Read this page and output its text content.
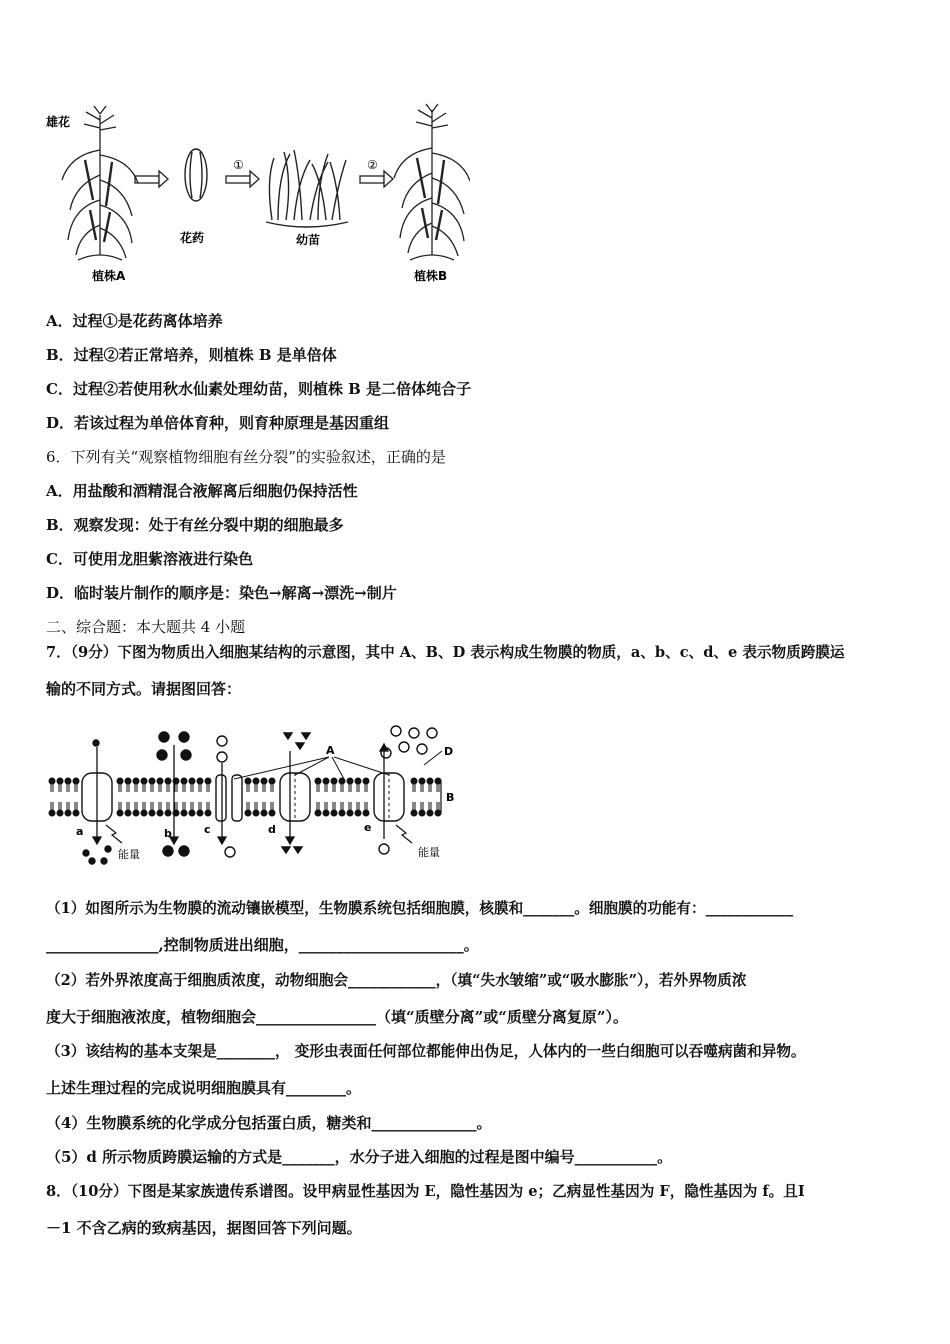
雄花
植株A
花药
①
幼苗
②
植株B
A．过程①是花药离体培养
B．过程②若正常培养，则植株 B 是单倍体
C．过程②若使用秋水仙素处理幼苗，则植株 B 是二倍体纯合子
D．若该过程为单倍体育种，则育种原理是基因重组
6．下列有关“观察植物细胞有丝分裂”的实验叙述，正确的是
A．用盐酸和酒精混合液解离后细胞仍保持活性
B．观察发现：处于有丝分裂中期的细胞最多
C．可使用龙胆紫溶液进行染色
D．临时装片制作的顺序是：染色→解离→漂洗→制片
二、综合题：本大题共 4 小题
7．（9分）下图为物质出入细胞某结构的示意图，其中 A、B、D 表示构成生物膜的物质，a、b、c、d、e 表示物质跨膜运
输的不同方式。请据图回答：
B
A	D
a	b	c	d	e
能量	能量
（1）如图所示为生物膜的流动镶嵌模型，生物膜系统包括细胞膜，核膜和_______。细胞膜的功能有：____________
_______________,控制物质进出细胞，______________________。
（2）若外界浓度高于细胞质浓度，动物细胞会____________，（填“失水皱缩”或“吸水膨胀”），若外界物质浓
度大于细胞液浓度，植物细胞会________________（填“质壁分离”或“质壁分离复原”）。
（3）该结构的基本支架是________， 变形虫表面任何部位都能伸出伪足，人体内的一些白细胞可以吞噬病菌和异物。
上述生理过程的完成说明细胞膜具有________。
（4）生物膜系统的化学成分包括蛋白质，糖类和______________。
（5）d 所示物质跨膜运输的方式是_______，水分子进入细胞的过程是图中编号___________。
8．（10分）下图是某家族遗传系谱图。设甲病显性基因为 E，隐性基因为 e；乙病显性基因为 F，隐性基因为 f。且Ⅰ
－1 不含乙病的致病基因，据图回答下列问题。
